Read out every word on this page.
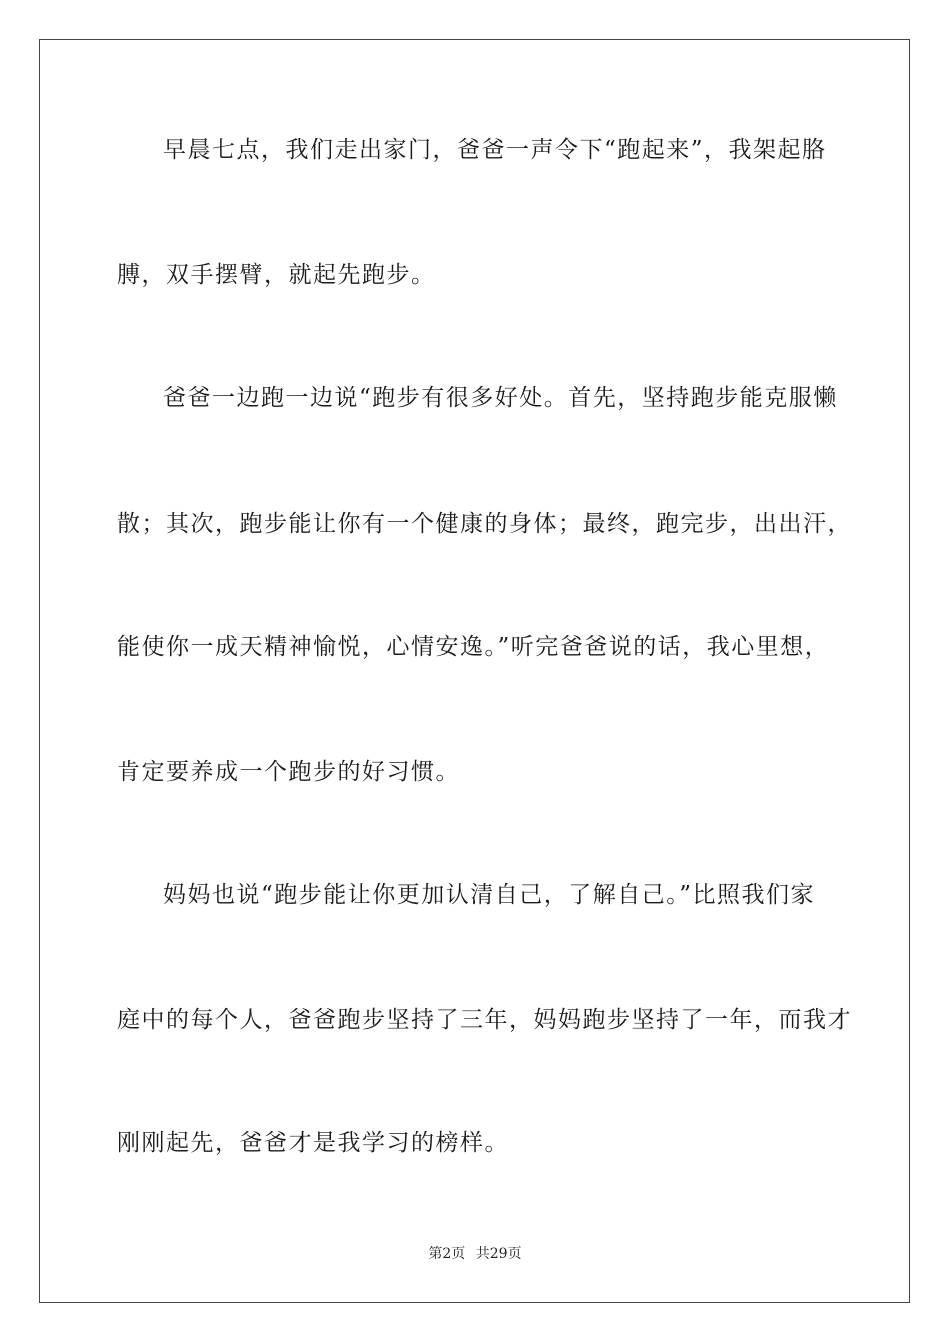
早晨七点，我们走出家门，爸爸一声令下“跑起来”，我架起胳
膊，双手摆臂，就起先跑步。
爸爸一边跑一边说“跑步有很多好处。首先，坚持跑步能克服懒
散；其次，跑步能让你有一个健康的身体；最终，跑完步，出出汗，
能使你一成天精神愉悦，心情安逸。”听完爸爸说的话，我心里想，
肯定要养成一个跑步的好习惯。
妈妈也说“跑步能让你更加认清自己，了解自己。”比照我们家
庭中的每个人，爸爸跑步坚持了三年，妈妈跑步坚持了一年，而我才
刚刚起先，爸爸才是我学习的榜样。
第2页 共29页
